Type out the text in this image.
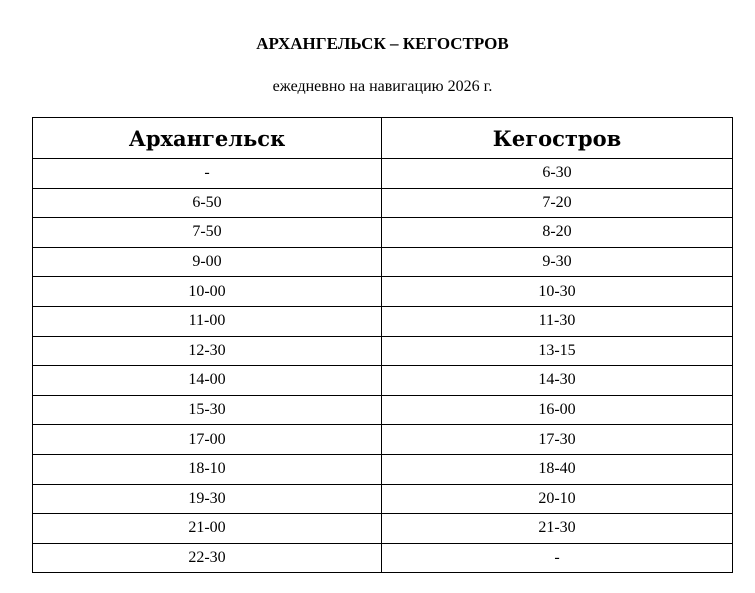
АРХАНГЕЛЬСК – КЕГОСТРОВ
ежедневно на навигацию 2026 г.
Архангельск	Кегостров
-	6-30
6-50	7-20
7-50	8-20
9-00	9-30
10-00	10-30
11-00	11-30
12-30	13-15
14-00	14-30
15-30	16-00
17-00	17-30
18-10	18-40
19-30	20-10
21-00	21-30
22-30	-
